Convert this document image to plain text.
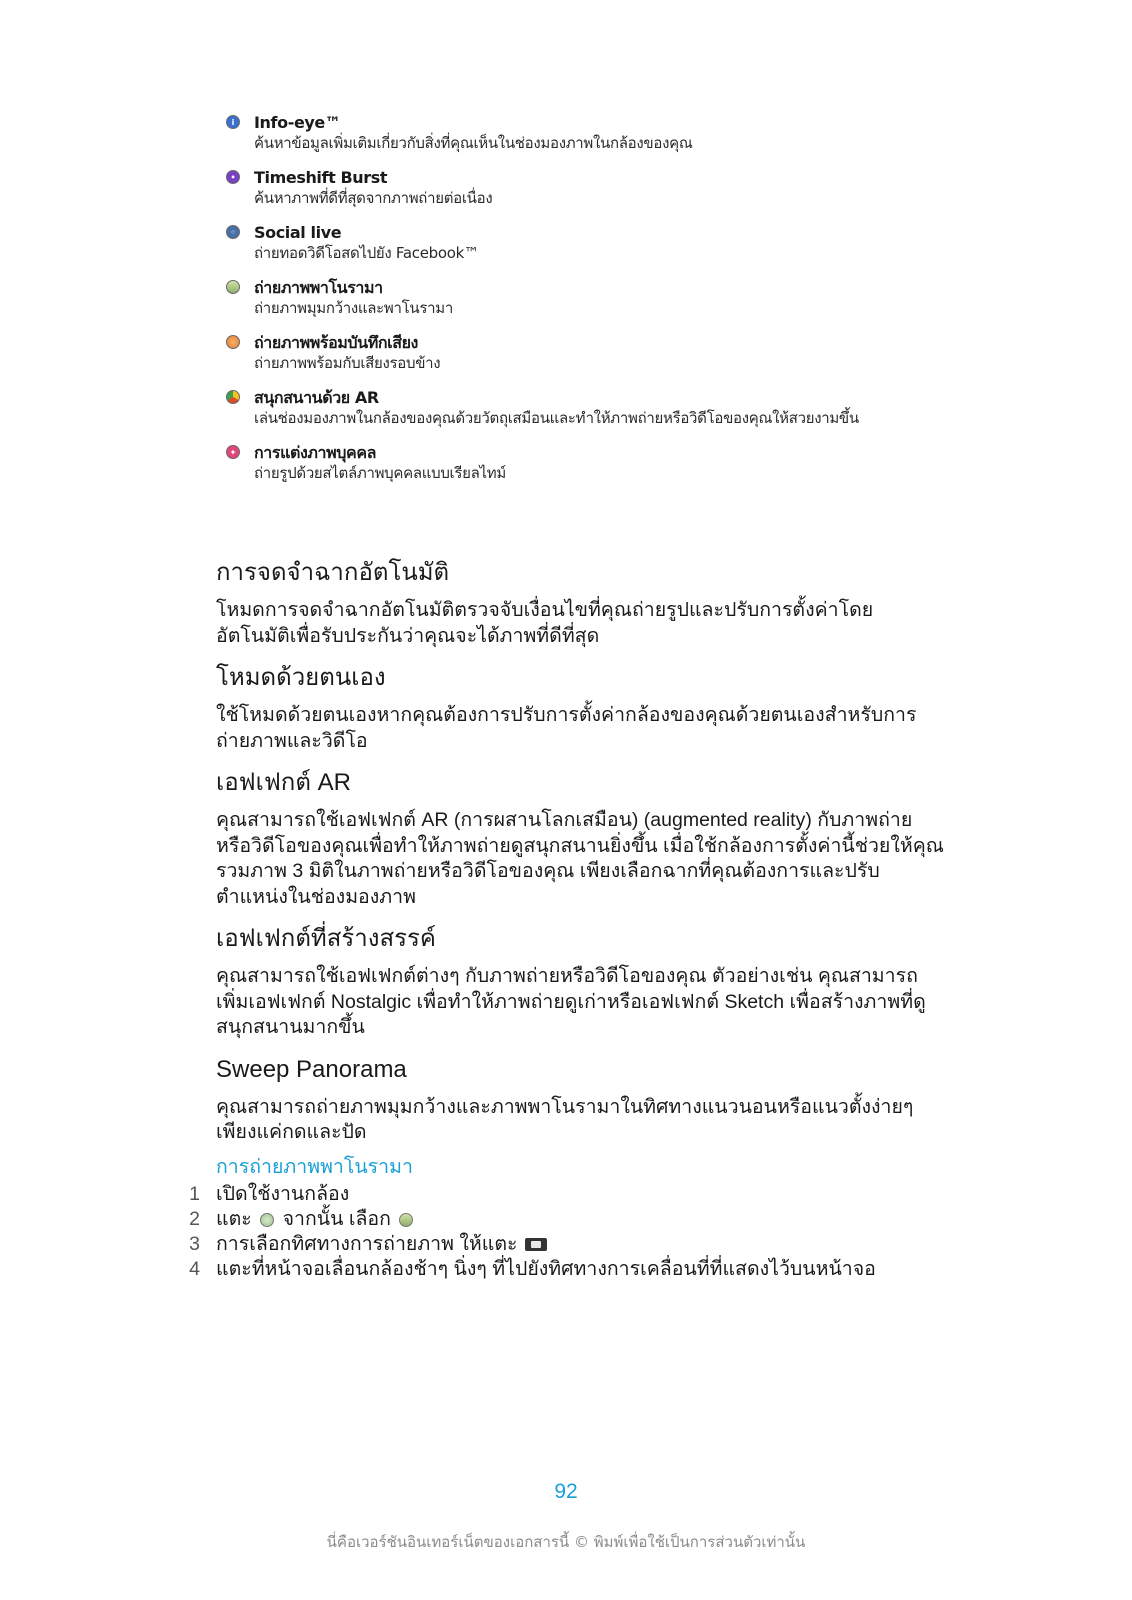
i	Info-eye™
ค้นหาข้อมูลเพิ่มเติมเกี่ยวกับสิ่งที่คุณเห็นในช่องมองภาพในกล้องของคุณ
• Timeshift Burst
ค้นหาภาพที่ดีที่สุดจากภาพถ่ายต่อเนื่อง
◦ Social live
ถ่ายทอดวิดีโอสดไปยัง Facebook™
ถ่ายภาพพาโนรามา
ถ่ายภาพมุมกว้างและพาโนรามา
ถ่ายภาพพร้อมบันทึกเสียง
ถ่ายภาพพร้อมกับเสียงรอบข้าง
สนุกสนานด้วย AR
เล่นช่องมองภาพในกล้องของคุณด้วยวัตถุเสมือนและทำให้ภาพถ่ายหรือวิดีโอของคุณให้สวยงามขึ้น
✦ การแต่งภาพบุคคล
ถ่ายรูปด้วยสไตล์ภาพบุคคลแบบเรียลไทม์
การจดจำฉากอัตโนมัติ

โหมดการจดจำฉากอัตโนมัติตรวจจับเงื่อนไขที่คุณถ่ายรูปและปรับการตั้งค่าโดยอัตโนมัติเพื่อรับประกันว่าคุณจะได้ภาพที่ดีที่สุด

โหมดด้วยตนเอง

ใช้โหมดด้วยตนเองหากคุณต้องการปรับการตั้งค่ากล้องของคุณด้วยตนเองสำหรับการถ่ายภาพและวิดีโอ

เอฟเฟกต์ AR

คุณสามารถใช้เอฟเฟกต์ AR (การผสานโลกเสมือน) (augmented reality) กับภาพถ่ายหรือวิดีโอของคุณเพื่อทำให้ภาพถ่ายดูสนุกสนานยิ่งขึ้น เมื่อใช้กล้องการตั้งค่านี้ช่วยให้คุณรวมภาพ 3 มิติในภาพถ่ายหรือวิดีโอของคุณ เพียงเลือกฉากที่คุณต้องการและปรับตำแหน่งในช่องมองภาพ

เอฟเฟกต์ที่สร้างสรรค์

คุณสามารถใช้เอฟเฟกต์ต่างๆ กับภาพถ่ายหรือวิดีโอของคุณ ตัวอย่างเช่น คุณสามารถเพิ่มเอฟเฟกต์ Nostalgic เพื่อทำให้ภาพถ่ายดูเก่าหรือเอฟเฟกต์ Sketch เพื่อสร้างภาพที่ดูสนุกสนานมากขึ้น

Sweep Panorama

คุณสามารถถ่ายภาพมุมกว้างและภาพพาโนรามาในทิศทางแนวนอนหรือแนวตั้งง่ายๆ เพียงแค่กดและปัด

การถ่ายภาพพาโนรามา
1 เปิดใช้งานกล้อง
2 แตะ จากนั้น เลือก
3 การเลือกทิศทางการถ่ายภาพ ให้แตะ
4 แตะที่หน้าจอเลื่อนกล้องช้าๆ นิ่งๆ ที่ไปยังทิศทางการเคลื่อนที่ที่แสดงไว้บนหน้าจอ
92
นี่คือเวอร์ชันอินเทอร์เน็ตของเอกสารนี้ © พิมพ์เพื่อใช้เป็นการส่วนตัวเท่านั้น
